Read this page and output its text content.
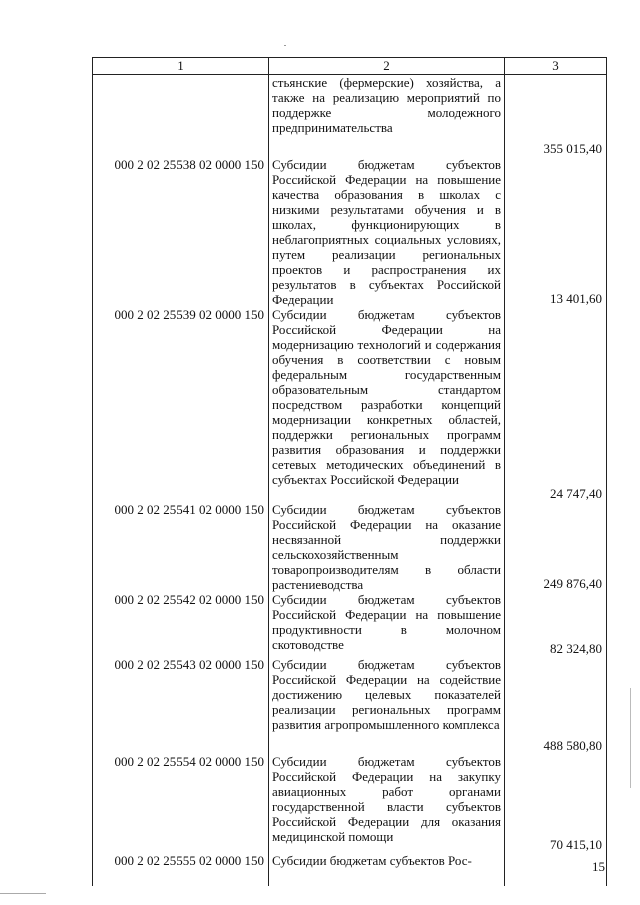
1	2	3
	стьянские (фермерские) хозяйства, а также на реализацию мероприятий по поддержке молодежного предпринимательства	355 015,40
000 2 02 25538 02 0000 150	Субсидии бюджетам субъектов Российской Федерации на повышение качества образования в школах с низкими результатами обучения и в школах, функционирующих в неблагоприятных социальных условиях, путем реализации региональных проектов и распространения их результатов в субъектах Российской Федерации	13 401,60
000 2 02 25539 02 0000 150	Субсидии бюджетам субъектов Российской Федерации на модернизацию технологий и содержания обучения в соответствии с новым федеральным государственным образовательным стандартом посредством разработки концепций модернизации конкретных областей, поддержки региональных программ развития образования и поддержки сетевых методических объединений в субъектах Российской Федерации	24 747,40
000 2 02 25541 02 0000 150	Субсидии бюджетам субъектов Российской Федерации на оказание несвязанной поддержки сельскохозяйственным товаропроизводителям в области растениеводства	249 876,40
000 2 02 25542 02 0000 150	Субсидии бюджетам субъектов Российской Федерации на повышение продуктивности в молочном скотоводстве	82 324,80
000 2 02 25543 02 0000 150	Субсидии бюджетам субъектов Российской Федерации на содействие достижению целевых показателей реализации региональных программ развития агропромышленного комплекса	488 580,80
000 2 02 25554 02 0000 150	Субсидии бюджетам субъектов Российской Федерации на закупку авиационных работ органами государственной власти субъектов Российской Федерации для оказания медицинской помощи	70 415,10
000 2 02 25555 02 0000 150	Субсидии бюджетам субъектов Рос-		15
